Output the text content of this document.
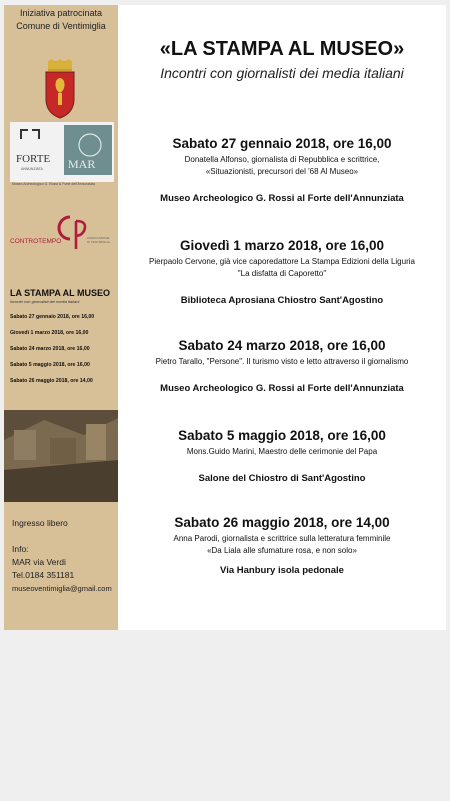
Iniziativa patrocinata
Comune di Ventimiglia
FORTE
ANNUNZIATA MAR
Museo Archeologico G. Rossi & Forte dell'Annunziata
CONTROTEMPO	ASSOCIAZIONE
DI VENTIMIGLIA
LA STAMPA AL MUSEO
incontri con giornalisti dei media italiani
Sabato 27 gennaio 2018, ore 16,00
Giovedì 1 marzo 2018, ore 16,00
Sabato 24 marzo 2018, ore 16,00
Sabato 5 maggio 2018, ore 16,00
Sabato 26 maggio 2018, ore 14,00
Ingresso libero
Info:
MAR via Verdi
Tel.0184 351181
museoventimiglia@gmail.com
«LA STAMPA AL MUSEO»
Incontri con giornalisti dei media italiani
Sabato 27 gennaio 2018, ore 16,00
Donatella Alfonso, giornalista di Repubblica e scrittrice,
«Situazionisti, precursori del '68 Al Museo»
Museo Archeologico G. Rossi al Forte dell'Annunziata
Giovedì 1 marzo 2018, ore 16,00
Pierpaolo Cervone, già vice caporedattore La Stampa Edizioni della Liguria
"La disfatta di Caporetto"
Biblioteca Aprosiana Chiostro Sant'Agostino
Sabato 24 marzo 2018, ore 16,00
Pietro Tarallo, "Persone". Il turismo visto e letto attraverso il giornalismo
Museo Archeologico G. Rossi al Forte dell'Annunziata
Sabato 5 maggio 2018, ore 16,00
Mons.Guido Marini, Maestro delle cerimonie del Papa
Salone del Chiostro di Sant'Agostino
Sabato 26 maggio 2018, ore 14,00
Anna Parodi, giornalista e scrittrice sulla letteratura femminile
«Da Liala alle sfumature rosa, e non solo»
Via Hanbury isola pedonale
